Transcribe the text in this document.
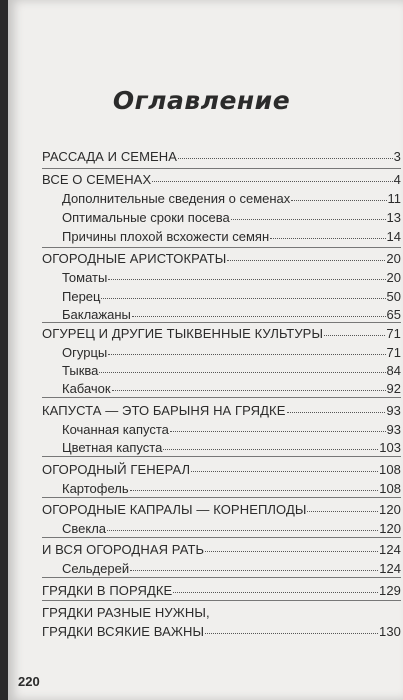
Оглавление
РАССАДА И СЕМЕНА	3
ВСЕ О СЕМЕНАХ	4
Дополнительные сведения о семенах	11
Оптимальные сроки посева	13
Причины плохой всхожести семян	14
ОГОРОДНЫЕ АРИСТОКРАТЫ	20
Томаты	20
Перец	50
Баклажаны	65
ОГУРЕЦ И ДРУГИЕ ТЫКВЕННЫЕ КУЛЬТУРЫ	71
Огурцы	71
Тыква	84
Кабачок	92
КАПУСТА — ЭТО БАРЫНЯ НА ГРЯДКЕ	93
Кочанная капуста	93
Цветная капуста	103
ОГОРОДНЫЙ ГЕНЕРАЛ	108
Картофель	108
ОГОРОДНЫЕ КАПРАЛЫ — КОРНЕПЛОДЫ	120
Свекла	120
И ВСЯ ОГОРОДНАЯ РАТЬ	124
Сельдерей	124
ГРЯДКИ В ПОРЯДКЕ	129
ГРЯДКИ РАЗНЫЕ НУЖНЫ,
ГРЯДКИ ВСЯКИЕ ВАЖНЫ	130
220
